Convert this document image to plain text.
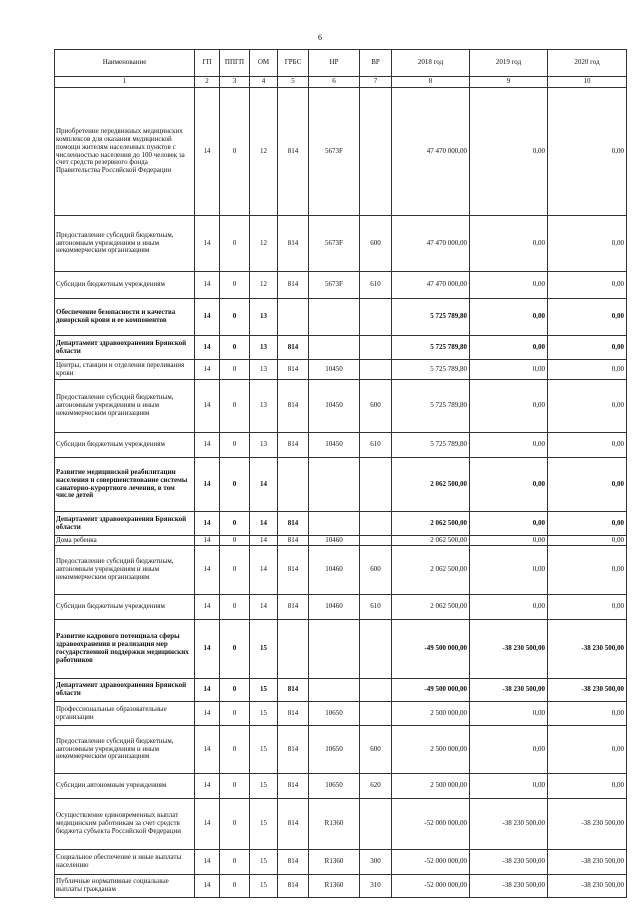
6
Наименование	ГП	ППГП	ОМ	ГРБС	НР	ВР	2018 год	2019 год	2020 год
1	2	3	4	5	6	7	8	9	10
Приобретение передвижных медицинских комплексов для оказания медицинской помощи жителям населенных пунктов с численностью населения до 100 человек за счет средств резервного фонда Правительства Российской Федерации	14	0	12	814	5673F		47 470 000,00	0,00	0,00
Предоставление субсидий бюджетным, автономным учреждениям и иным некоммерческим организациям	14	0	12	814	5673F	600	47 470 000,00	0,00	0,00
Субсидии бюджетным учреждениям	14	0	12	814	5673F	610	47 470 000,00	0,00	0,00
Обеспечение безопасности и качества донорской крови и ее компонентов	14	0	13				5 725 789,80	0,00	0,00
Департамент здравоохранения Брянской области	14	0	13	814			5 725 789,80	0,00	0,00
Центры, станции и отделения переливания крови	14	0	13	814	10450		5 725 789,80	0,00	0,00
Предоставление субсидий бюджетным, автономным учреждениям и иным некоммерческим организациям	14	0	13	814	10450	600	5 725 789,80	0,00	0,00
Субсидии бюджетным учреждениям	14	0	13	814	10450	610	5 725 789,80	0,00	0,00
Развитие медицинской реабилитации населения и совершенствование системы санаторно-курортного лечения, в том числе детей	14	0	14				2 062 500,00	0,00	0,00
Департамент здравоохранения Брянской области	14	0	14	814			2 062 500,00	0,00	0,00
Дома ребенка	14	0	14	814	10460		2 062 500,00	0,00	0,00
Предоставление субсидий бюджетным, автономным учреждениям и иным некоммерческим организациям	14	0	14	814	10460	600	2 062 500,00	0,00	0,00
Субсидии бюджетным учреждениям	14	0	14	814	10460	610	2 062 500,00	0,00	0,00
Развитие кадрового потенциала сферы здравоохранения и реализация мер государственной поддержки медицинских работников	14	0	15				-49 500 000,00	-38 230 500,00	-38 230 500,00
Департамент здравоохранения Брянской области	14	0	15	814			-49 500 000,00	-38 230 500,00	-38 230 500,00
Профессиональные образовательные организации	14	0	15	814	10650		2 500 000,00	0,00	0,00
Предоставление субсидий бюджетным, автономным учреждениям и иным некоммерческим организациям	14	0	15	814	10650	600	2 500 000,00	0,00	0,00
Субсидии автономным учреждениям	14	0	15	814	10650	620	2 500 000,00	0,00	0,00
Осуществление единовременных выплат медицинским работникам за счет средств бюджета субъекта Российской Федерации	14	0	15	814	R1360		-52 000 000,00	-38 230 500,00	-38 230 500,00
Социальное обеспечение и иные выплаты населению	14	0	15	814	R1360	300	-52 000 000,00	-38 230 500,00	-38 230 500,00
Публичные нормативные социальные выплаты гражданам	14	0	15	814	R1360	310	-52 000 000,00	-38 230 500,00	-38 230 500,00
